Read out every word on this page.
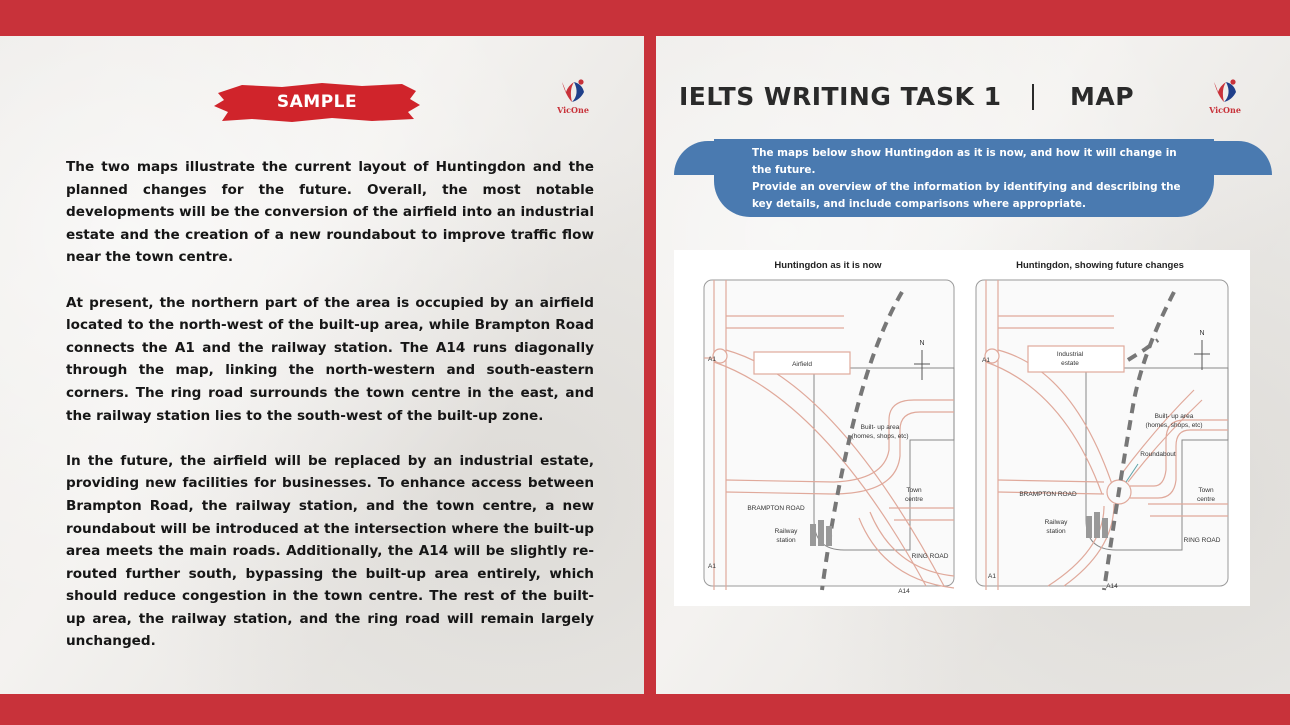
SAMPLE	VicOne

The two maps illustrate the current layout of Huntingdon and the planned changes for the future. Overall, the most notable developments will be the conversion of the airfield into an industrial estate and the creation of a new roundabout to improve traffic flow near the town centre.

At present, the northern part of the area is occupied by an airfield located to the north-west of the built-up area, while Brampton Road connects the A1 and the railway station. The A14 runs diagonally through the map, linking the north-western and south-eastern corners. The ring road surrounds the town centre in the east, and the railway station lies to the south-west of the built-up zone.

In the future, the airfield will be replaced by an industrial estate, providing new facilities for businesses. To enhance access between Brampton Road, the railway station, and the town centre, a new roundabout will be introduced at the intersection where the built-up area meets the main roads. Additionally, the A14 will be slightly re-routed further south, bypassing the built-up area entirely, which should reduce congestion in the town centre. The rest of the built-up area, the railway station, and the ring road will remain largely unchanged.

IELTS WRITING TASK 1	MAP	VicOne
The maps below show Huntingdon as it is now, and how it will change in the future.
Provide an overview of the information by identifying and describing the key details, and include comparisons where appropriate.
Huntingdon as it is now
N
A1
A1
Airfield
Built- up area
(homes, shops, etc)
Town
centre
BRAMPTON ROAD
Railway
station
RING ROAD
A14
Huntingdon, showing future changes
N
A1
A1
Industrial
estate
Built- up area
(homes, shops, etc)
Roundabout
Town
centre
BRAMPTON ROAD
Railway
station
RING ROAD
A14
